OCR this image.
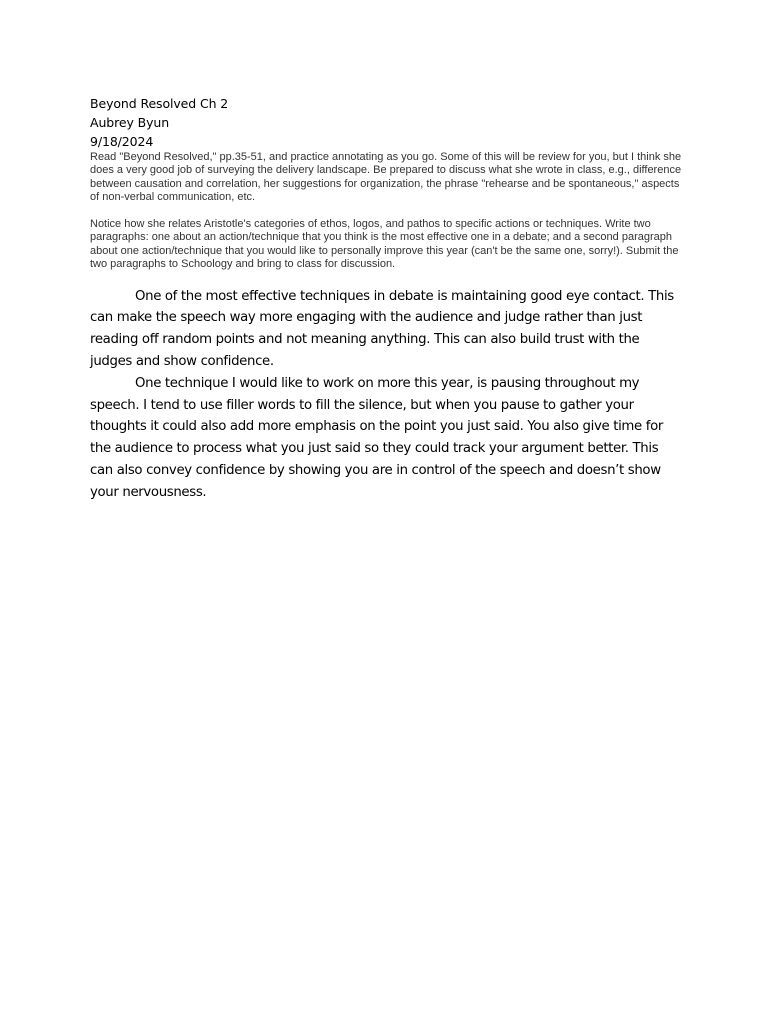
Beyond Resolved Ch 2
Aubrey Byun
9/18/2024

Read "Beyond Resolved," pp.35-51, and practice annotating as you go. Some of this will be review for you, but I think she does a very good job of surveying the delivery landscape. Be prepared to discuss what she wrote in class, e.g., difference between causation and correlation, her suggestions for organization, the phrase "rehearse and be spontaneous," aspects of non-verbal communication, etc.

Notice how she relates Aristotle's categories of ethos, logos, and pathos to specific actions or techniques. Write two paragraphs: one about an action/technique that you think is the most effective one in a debate; and a second paragraph about one action/technique that you would like to personally improve this year (can't be the same one, sorry!). Submit the two paragraphs to Schoology and bring to class for discussion.

One of the most effective techniques in debate is maintaining good eye contact. This can make the speech way more engaging with the audience and judge rather than just reading off random points and not meaning anything. This can also build trust with the judges and show confidence.

One technique I would like to work on more this year, is pausing throughout my speech. I tend to use filler words to fill the silence, but when you pause to gather your thoughts it could also add more emphasis on the point you just said. You also give time for the audience to process what you just said so they could track your argument better. This can also convey confidence by showing you are in control of the speech and doesn’t show your nervousness.
